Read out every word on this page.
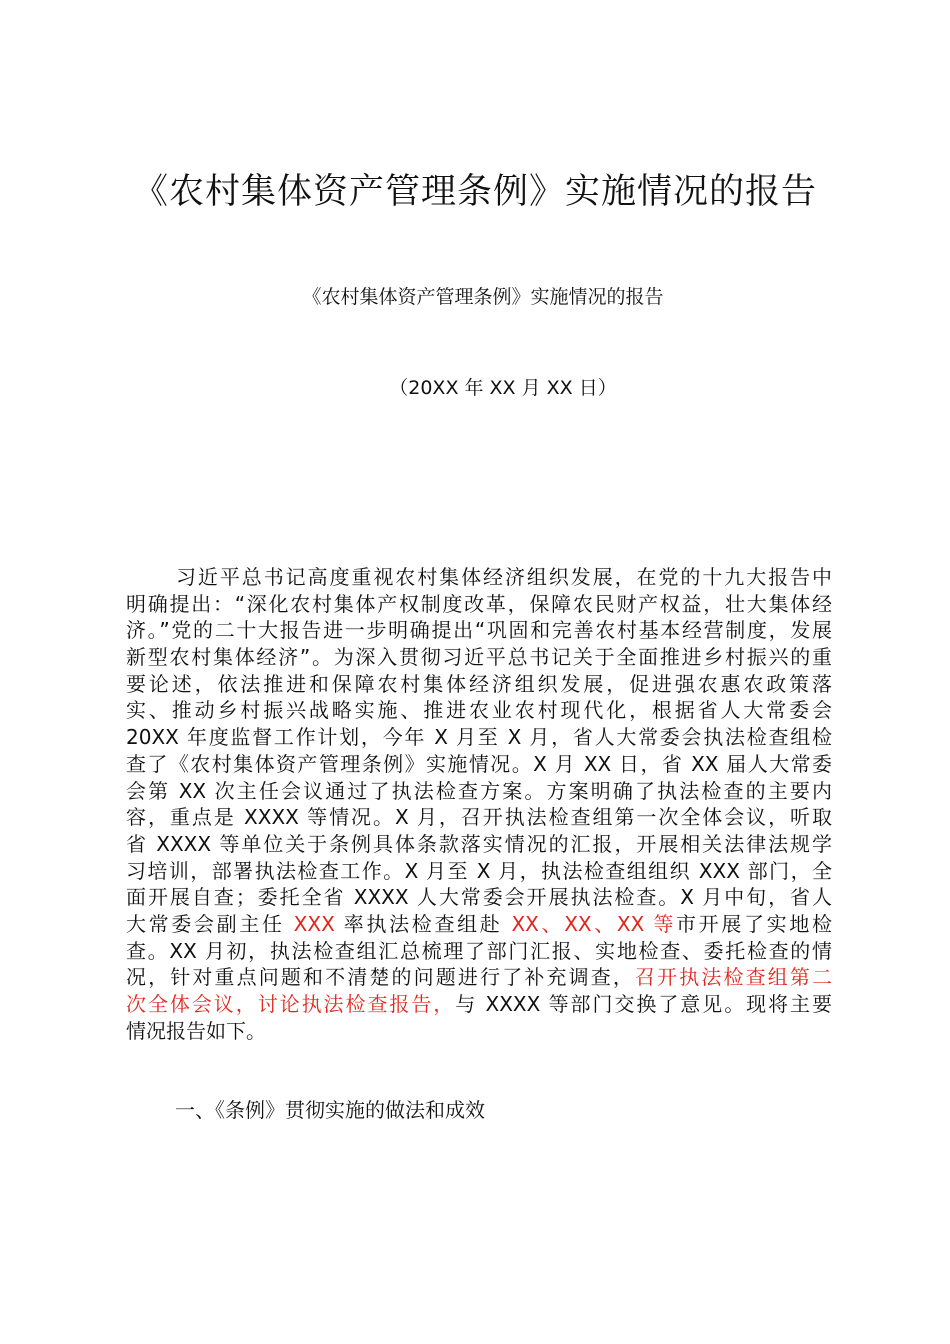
《农村集体资产管理条例》实施情况的报告
《农村集体资产管理条例》实施情况的报告
（20XX 年 XX 月 XX 日）
习近平总书记高度重视农村集体经济组织发展，在党的十九大报告中
明确提出：“深化农村集体产权制度改革，保障农民财产权益，壮大集体经
济。”党的二十大报告进一步明确提出“巩固和完善农村基本经营制度，发展
新型农村集体经济”。为深入贯彻习近平总书记关于全面推进乡村振兴的重
要论述，依法推进和保障农村集体经济组织发展，促进强农惠农政策落
实、推动乡村振兴战略实施、推进农业农村现代化，根据省人大常委会
20XX 年度监督工作计划，今年 X 月至 X 月，省人大常委会执法检查组检
查了《农村集体资产管理条例》实施情况。X 月 XX 日，省 XX 届人大常委
会第 XX 次主任会议通过了执法检查方案。方案明确了执法检查的主要内
容，重点是 XXXX 等情况。X 月，召开执法检查组第一次全体会议，听取
省 XXXX 等单位关于条例具体条款落实情况的汇报，开展相关法律法规学
习培训，部署执法检查工作。X 月至 X 月，执法检查组组织 XXX 部门，全
面开展自查；委托全省 XXXX 人大常委会开展执法检查。X 月中旬，省人
大常委会副主任 XXX 率执法检查组赴 XX、XX、XX 等市开展了实地检
查。XX 月初，执法检查组汇总梳理了部门汇报、实地检查、委托检查的情
况，针对重点问题和不清楚的问题进行了补充调查，召开执法检查组第二
次全体会议，讨论执法检查报告，与 XXXX 等部门交换了意见。现将主要
情况报告如下。
一、《条例》贯彻实施的做法和成效
